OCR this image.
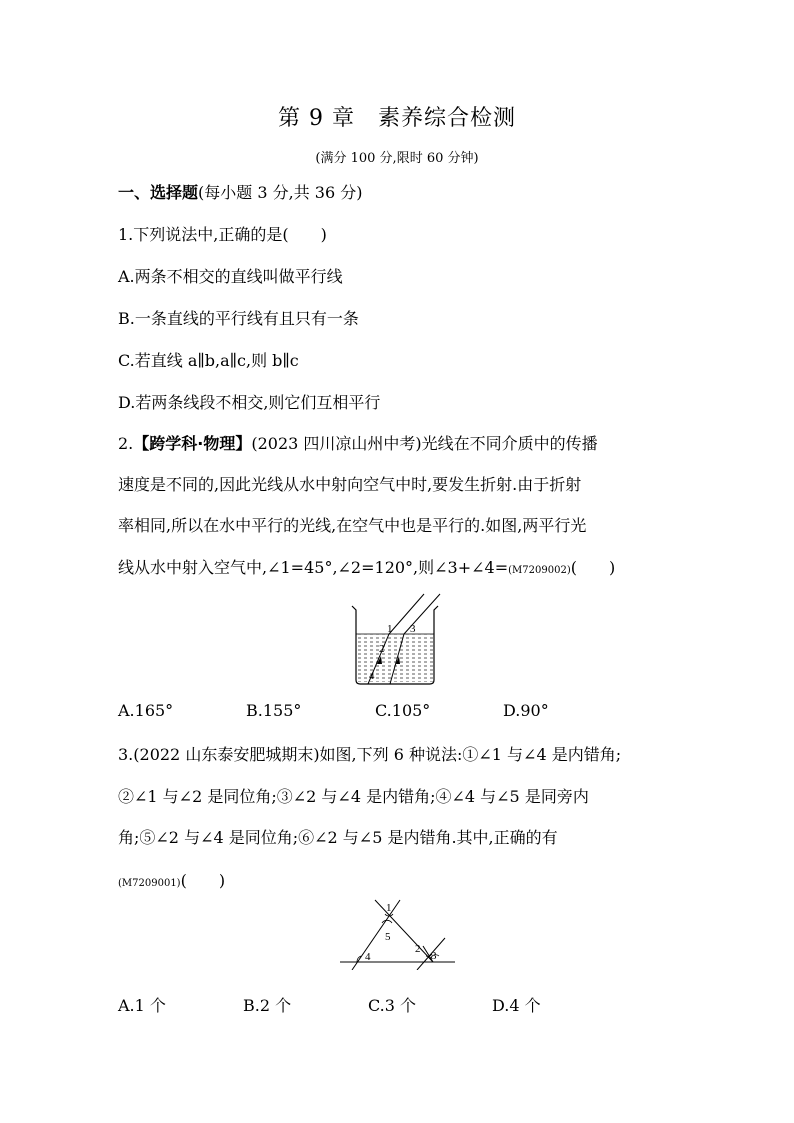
第 9 章　素养综合检测
(满分 100 分,限时 60 分钟)
一、选择题(每小题 3 分,共 36 分)
1.下列说法中,正确的是(　　)
A.两条不相交的直线叫做平行线
B.一条直线的平行线有且只有一条
C.若直线 a∥b,a∥c,则 b∥c
D.若两条线段不相交,则它们互相平行
2.【跨学科·物理】(2023 四川凉山州中考)光线在不同介质中的传播
速度是不同的,因此光线从水中射向空气中时,要发生折射.由于折射
率相同,所以在水中平行的光线,在空气中也是平行的.如图,两平行光
线从水中射入空气中,∠1=45°,∠2=120°,则∠3+∠4=(M7209002)(　　)
1
2
3
4
A.165°	B.155°	C.105°	D.90°
3.(2022 山东泰安肥城期末)如图,下列 6 种说法:①∠1 与∠4 是内错角;
②∠1 与∠2 是同位角;③∠2 与∠4 是内错角;④∠4 与∠5 是同旁内
角;⑤∠2 与∠4 是同位角;⑥∠2 与∠5 是内错角.其中,正确的有
(M7209001)(　　)
1
5
2
3
4
A.1 个	B.2 个	C.3 个	D.4 个
